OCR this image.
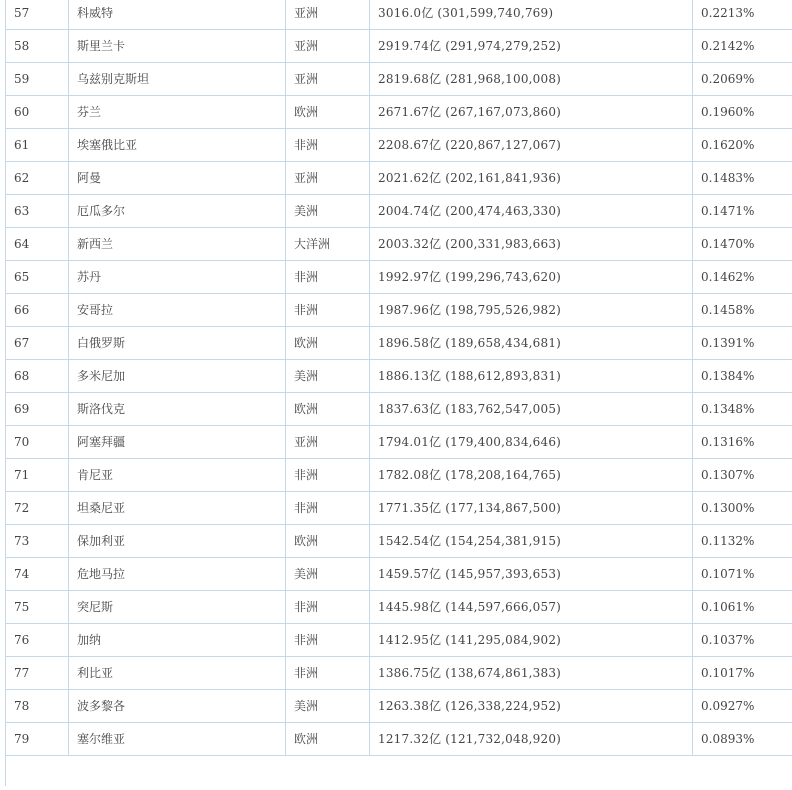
57	科威特	亚洲	3016.0亿 (301,599,740,769)	0.2213%
58	斯里兰卡	亚洲	2919.74亿 (291,974,279,252)	0.2142%
59	乌兹别克斯坦	亚洲	2819.68亿 (281,968,100,008)	0.2069%
60	芬兰	欧洲	2671.67亿 (267,167,073,860)	0.1960%
61	埃塞俄比亚	非洲	2208.67亿 (220,867,127,067)	0.1620%
62	阿曼	亚洲	2021.62亿 (202,161,841,936)	0.1483%
63	厄瓜多尔	美洲	2004.74亿 (200,474,463,330)	0.1471%
64	新西兰	大洋洲	2003.32亿 (200,331,983,663)	0.1470%
65	苏丹	非洲	1992.97亿 (199,296,743,620)	0.1462%
66	安哥拉	非洲	1987.96亿 (198,795,526,982)	0.1458%
67	白俄罗斯	欧洲	1896.58亿 (189,658,434,681)	0.1391%
68	多米尼加	美洲	1886.13亿 (188,612,893,831)	0.1384%
69	斯洛伐克	欧洲	1837.63亿 (183,762,547,005)	0.1348%
70	阿塞拜疆	亚洲	1794.01亿 (179,400,834,646)	0.1316%
71	肯尼亚	非洲	1782.08亿 (178,208,164,765)	0.1307%
72	坦桑尼亚	非洲	1771.35亿 (177,134,867,500)	0.1300%
73	保加利亚	欧洲	1542.54亿 (154,254,381,915)	0.1132%
74	危地马拉	美洲	1459.57亿 (145,957,393,653)	0.1071%
75	突尼斯	非洲	1445.98亿 (144,597,666,057)	0.1061%
76	加纳	非洲	1412.95亿 (141,295,084,902)	0.1037%
77	利比亚	非洲	1386.75亿 (138,674,861,383)	0.1017%
78	波多黎各	美洲	1263.38亿 (126,338,224,952)	0.0927%
79	塞尔维亚	欧洲	1217.32亿 (121,732,048,920)	0.0893%
